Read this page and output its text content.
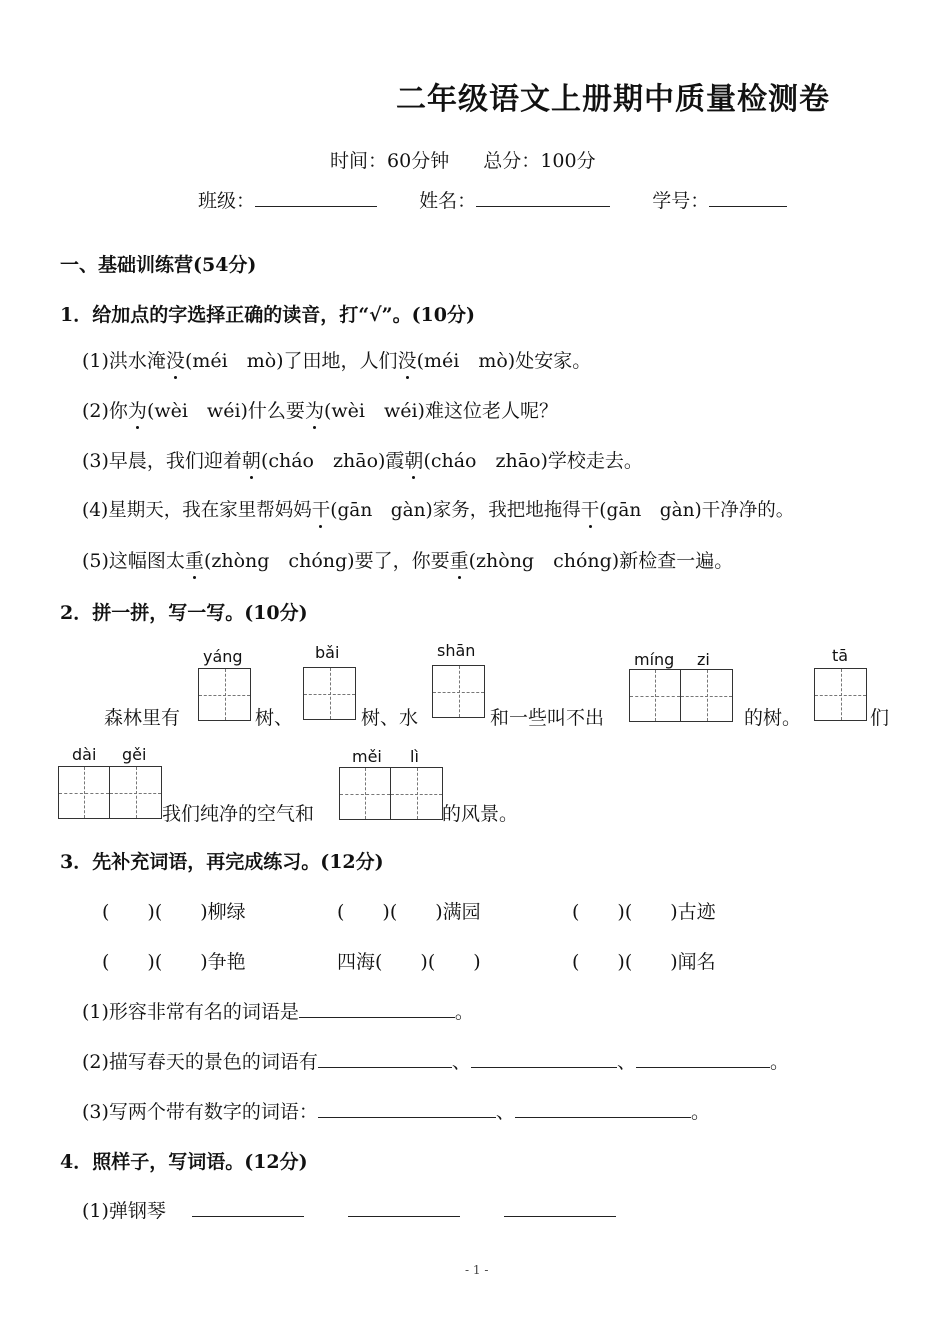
二年级语文上册期中质量检测卷
时间：60分钟 总分：100分
班级：	姓名：	学号：
一、基础训练营(54分)
1．给加点的字选择正确的读音，打“√”。(10分)
(1)洪水淹没(méi　mò)了田地，人们没(méi　mò)处安家。
(2)你为(wèi　wéi)什么要为(wèi　wéi)难这位老人呢？
(3)早晨，我们迎着朝(cháo　zhāo)霞朝(cháo　zhāo)学校走去。
(4)星期天，我在家里帮妈妈干(gān　gàn)家务，我把地拖得干(gān　gàn)干净净的。
(5)这幅图太重(zhòng　chóng)要了，你要重(zhòng　chóng)新检查一遍。
2．拼一拼，写一写。(10分)
森林里有
yáng
树、
bǎi
树、水
shān
和一些叫不出
míng zi
的树。
tā
们
dài gěi
我们纯净的空气和
měi lì
的风景。
3．先补充词语，再完成练习。(12分)
(　　)(　　)柳绿	(　　)(　　)满园	(　　)(　　)古迹
(　　)(　　)争艳	四海(　　)(　　)	(　　)(　　)闻名
(1)形容非常有名的词语是	。
(2)描写春天的景色的词语有	、	、	。
(3)写两个带有数字的词语：	、	。
4．照样子，写词语。(12分)
(1)弹钢琴
- 1 -
